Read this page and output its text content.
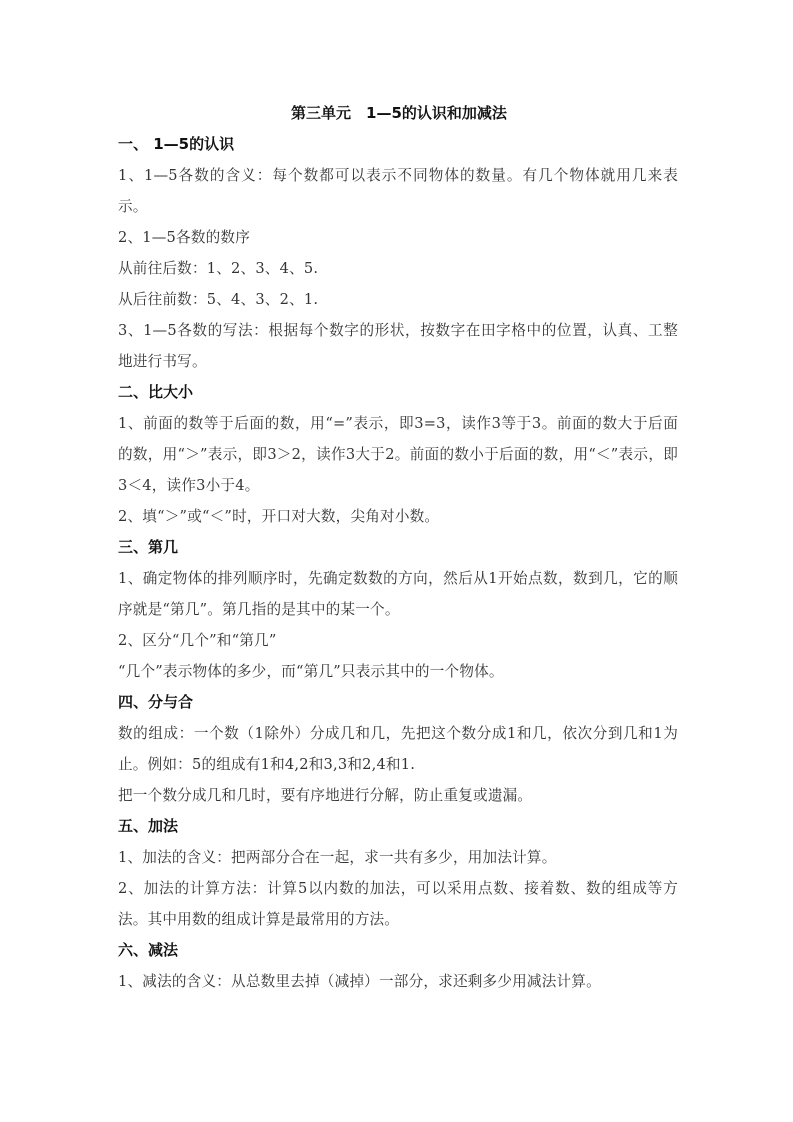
第三单元　1—5的认识和加减法
一、 1—5的认识
1、1—5各数的含义：每个数都可以表示不同物体的数量。有几个物体就用几来表示。
2、1—5各数的数序
从前往后数：1、2、3、4、5.
从后往前数：5、4、3、2、1.
3、1—5各数的写法：根据每个数字的形状，按数字在田字格中的位置，认真、工整地进行书写。
二、比大小
1、前面的数等于后面的数，用“=”表示，即3=3，读作3等于3。前面的数大于后面的数，用“＞”表示，即3＞2，读作3大于2。前面的数小于后面的数，用“＜”表示，即3＜4，读作3小于4。
2、填“＞”或“＜”时，开口对大数，尖角对小数。
三、第几
1、确定物体的排列顺序时，先确定数数的方向，然后从1开始点数，数到几，它的顺序就是“第几”。第几指的是其中的某一个。
2、区分“几个”和“第几”
“几个”表示物体的多少，而“第几”只表示其中的一个物体。
四、分与合
数的组成：一个数（1除外）分成几和几，先把这个数分成1和几，依次分到几和1为止。例如：5的组成有1和4,2和3,3和2,4和1.
把一个数分成几和几时，要有序地进行分解，防止重复或遗漏。
五、加法
1、加法的含义：把两部分合在一起，求一共有多少，用加法计算。
2、加法的计算方法：计算5以内数的加法，可以采用点数、接着数、数的组成等方法。其中用数的组成计算是最常用的方法。
六、减法
1、减法的含义：从总数里去掉（减掉）一部分，求还剩多少用减法计算。
